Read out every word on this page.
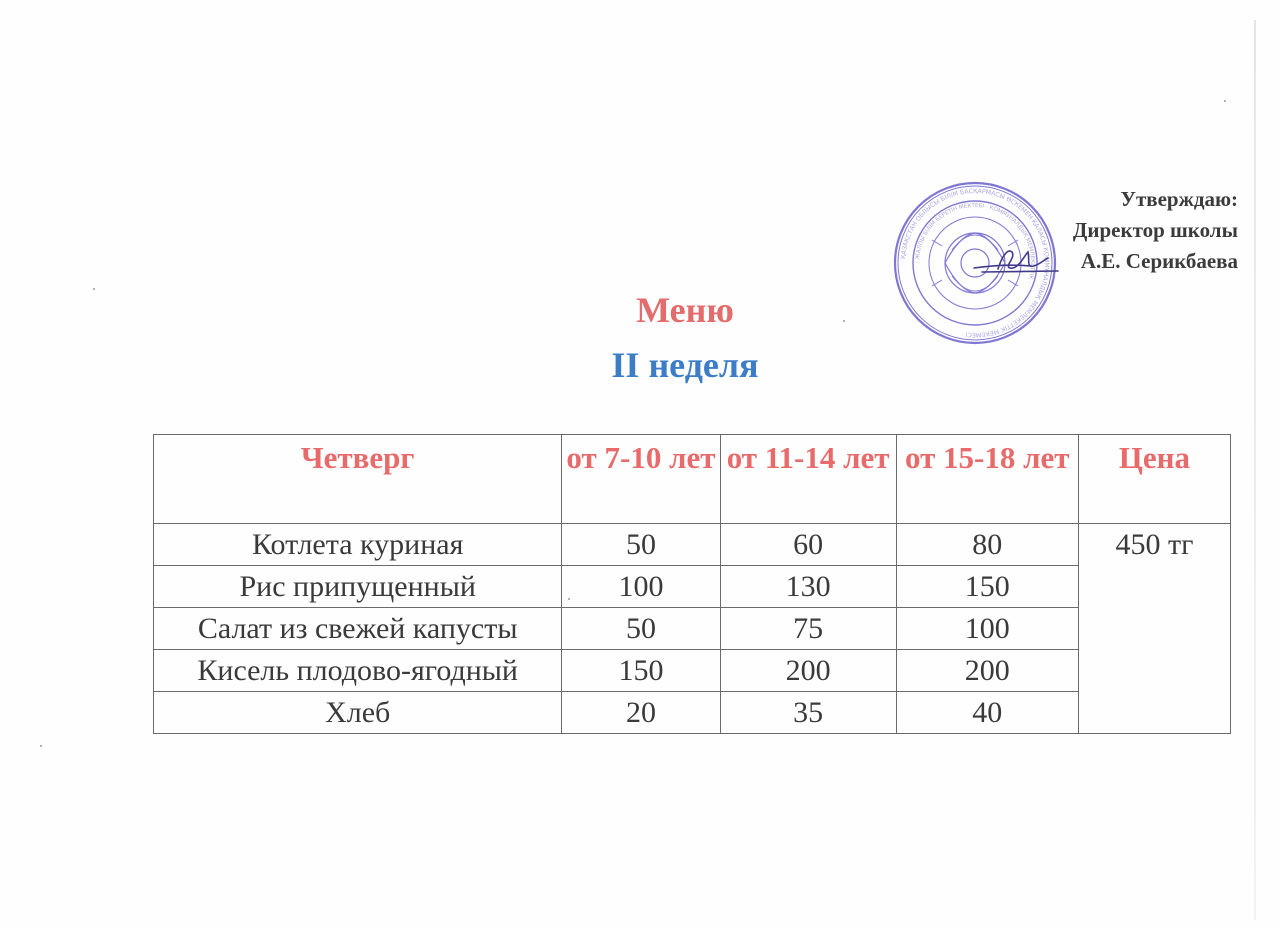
· ҚАЗАҚСТАН ОБЛЫСЫ БІЛІМ БАСҚАРМАСЫ ӨСКЕМЕН ҚАЛАСЫ КОММУНАЛДЫҚ МЕМЛЕКЕТТІК МЕКЕМЕСІ ·
· ЖАЛПЫ БІЛІМ БЕРЕТІН МЕКТЕБІ · КОММУНАЛДЫҚ МЕМЛЕКЕТТІК ·
Утверждаю:
Директор школы
А.Е. Серикбаева
Меню
II неделя
Четверг	от 7-10 лет	от 11-14 лет	от 15-18 лет	Цена
Котлета куриная	50	60	80	450 тг
Рис припущенный	100	130	150	
Салат из свежей капусты	50	75	100	
Кисель плодово-ягодный	150	200	200	
Хлеб	20	35	40	
